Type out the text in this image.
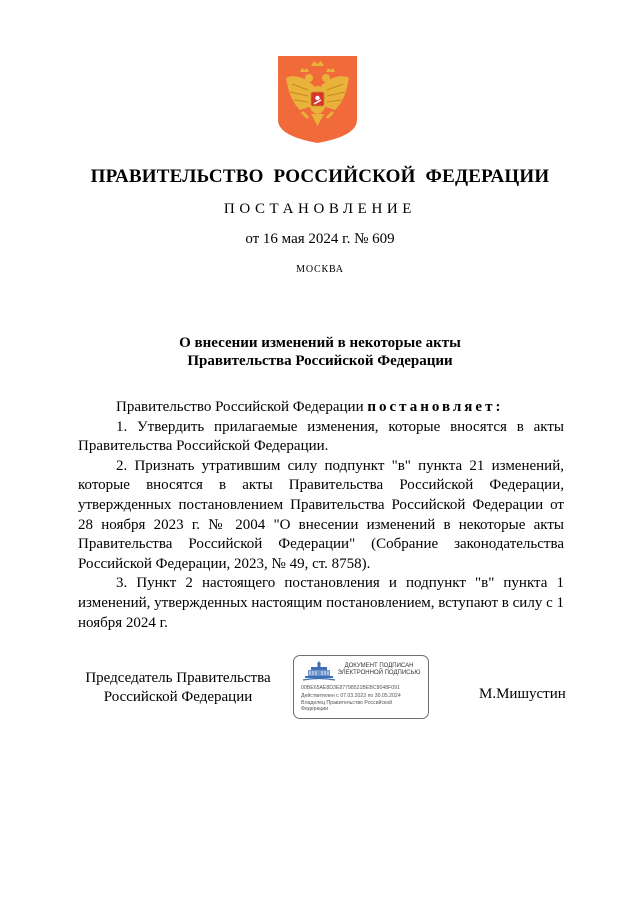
ПРАВИТЕЛЬСТВО РОССИЙСКОЙ ФЕДЕРАЦИИ
ПОСТАНОВЛЕНИЕ
от 16 мая 2024 г. № 609
МОСКВА
О внесении изменений в некоторые акты
Правительства Российской Федерации

Правительство Российской Федерации постановляет:

1. Утвердить прилагаемые изменения, которые вносятся в акты Правительства Российской Федерации.

2. Признать утратившим силу подпункт "в" пункта 21 изменений, которые вносятся в акты Правительства Российской Федерации, утвержденных постановлением Правительства Российской Федерации от 28 ноября 2023 г. № 2004 "О внесении изменений в некоторые акты Правительства Российской Федерации" (Собрание законодательства Российской Федерации, 2023, № 49, ст. 8758).

3. Пункт 2 настоящего постановления и подпункт "в" пункта 1 изменений, утвержденных настоящим постановлением, вступают в силу с 1 ноября 2024 г.

Председатель Правительства
Российской Федерации
ДОКУМЕНТ ПОДПИСАН
ЭЛЕКТРОННОЙ ПОДПИСЬЮ
00BE65AE8D3E87798521BEBC8048F091
Действителен с 07.03.2023 по 30.05.2024
Владелец Правительство Российской
Федерации
М.Мишустин
